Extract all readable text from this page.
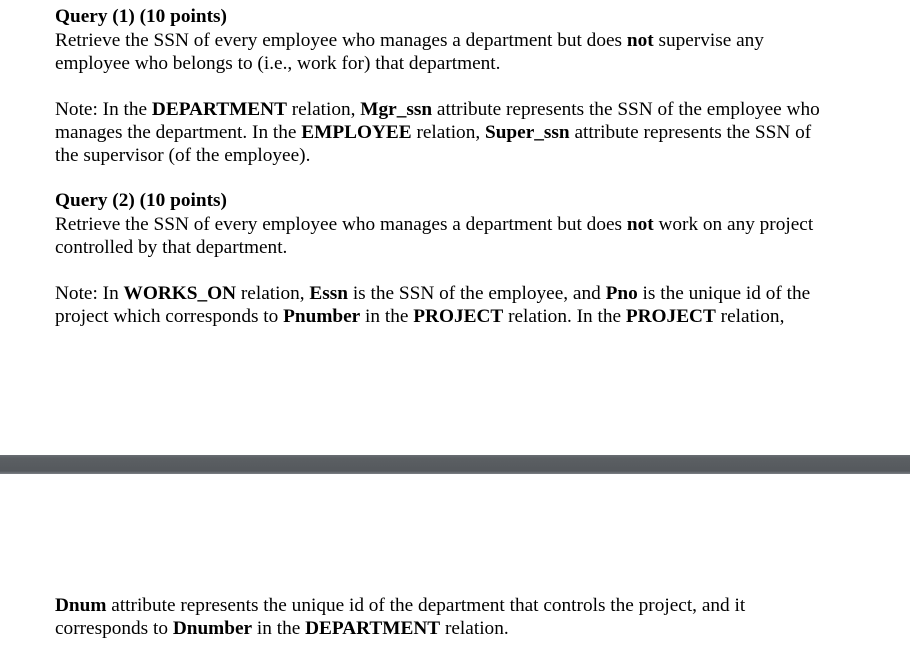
Query (1) (10 points)

Retrieve the SSN of every employee who manages a department but does not supervise any
employee who belongs to (i.e., work for) that department.

Note: In the DEPARTMENT relation, Mgr_ssn attribute represents the SSN of the employee who
manages the department. In the EMPLOYEE relation, Super_ssn attribute represents the SSN of
the supervisor (of the employee).

Query (2) (10 points)

Retrieve the SSN of every employee who manages a department but does not work on any project
controlled by that department.

Note: In WORKS_ON relation, Essn is the SSN of the employee, and Pno is the unique id of the
project which corresponds to Pnumber in the PROJECT relation. In the PROJECT relation,

Dnum attribute represents the unique id of the department that controls the project, and it
corresponds to Dnumber in the DEPARTMENT relation.
